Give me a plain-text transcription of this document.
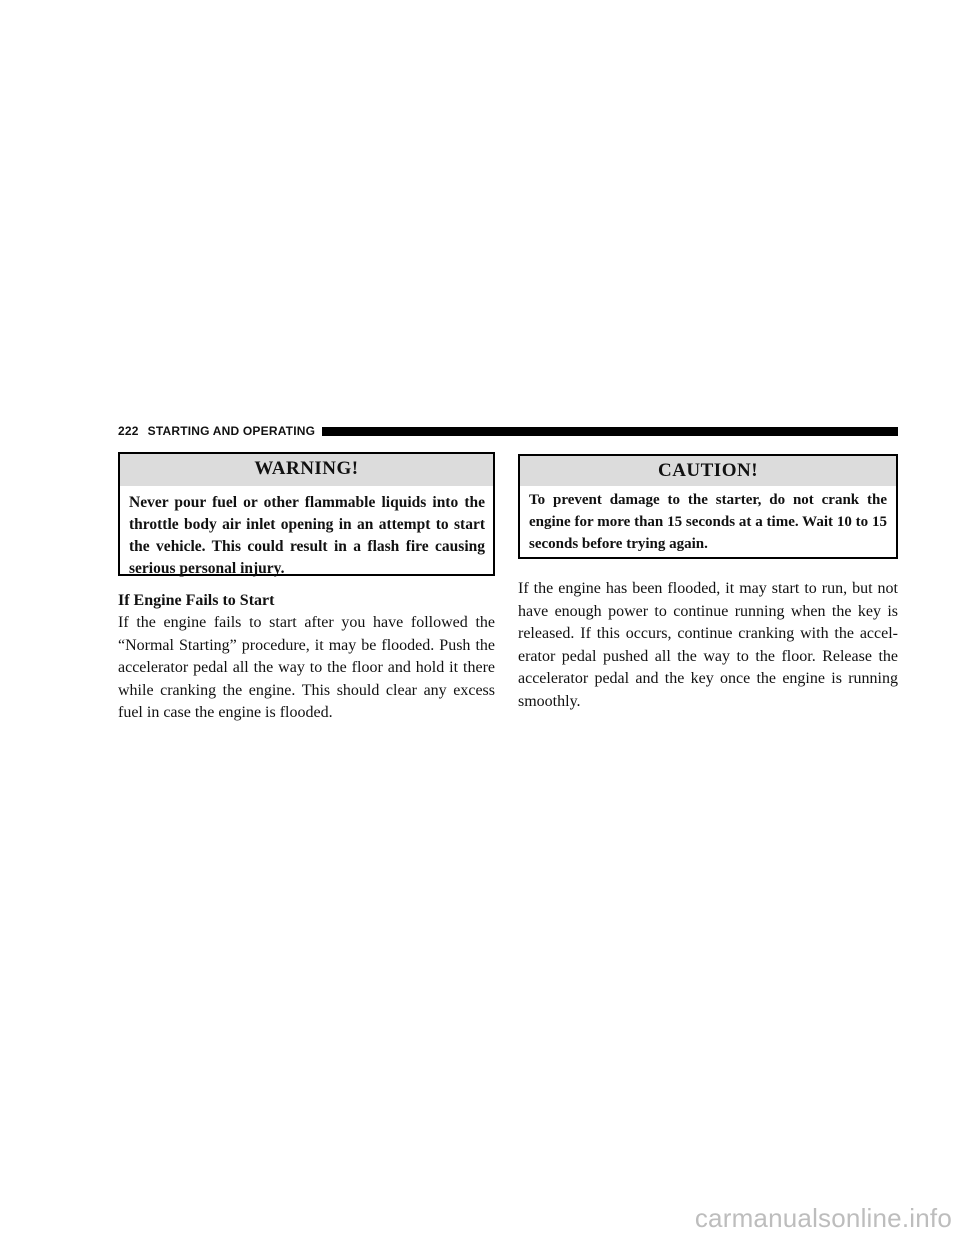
222 STARTING AND OPERATING
WARNING!
Never pour fuel or other flammable liquids into the throttle body air inlet opening in an attempt to start the vehicle. This could result in a flash fire causing serious personal injury.
If Engine Fails to Start
If the engine fails to start after you have followed the “Normal Starting” procedure, it may be flooded. Push the accelerator pedal all the way to the floor and hold it there while cranking the engine. This should clear any excess fuel in case the engine is flooded.
CAUTION!
To prevent damage to the starter, do not crank the engine for more than 15 seconds at a time. Wait 10 to 15 seconds before trying again.
If the engine has been flooded, it may start to run, but not have enough power to continue running when the key is released. If this occurs, continue cranking with the accel-erator pedal pushed all the way to the floor. Release the accelerator pedal and the key once the engine is running smoothly.
carmanualsonline.info
